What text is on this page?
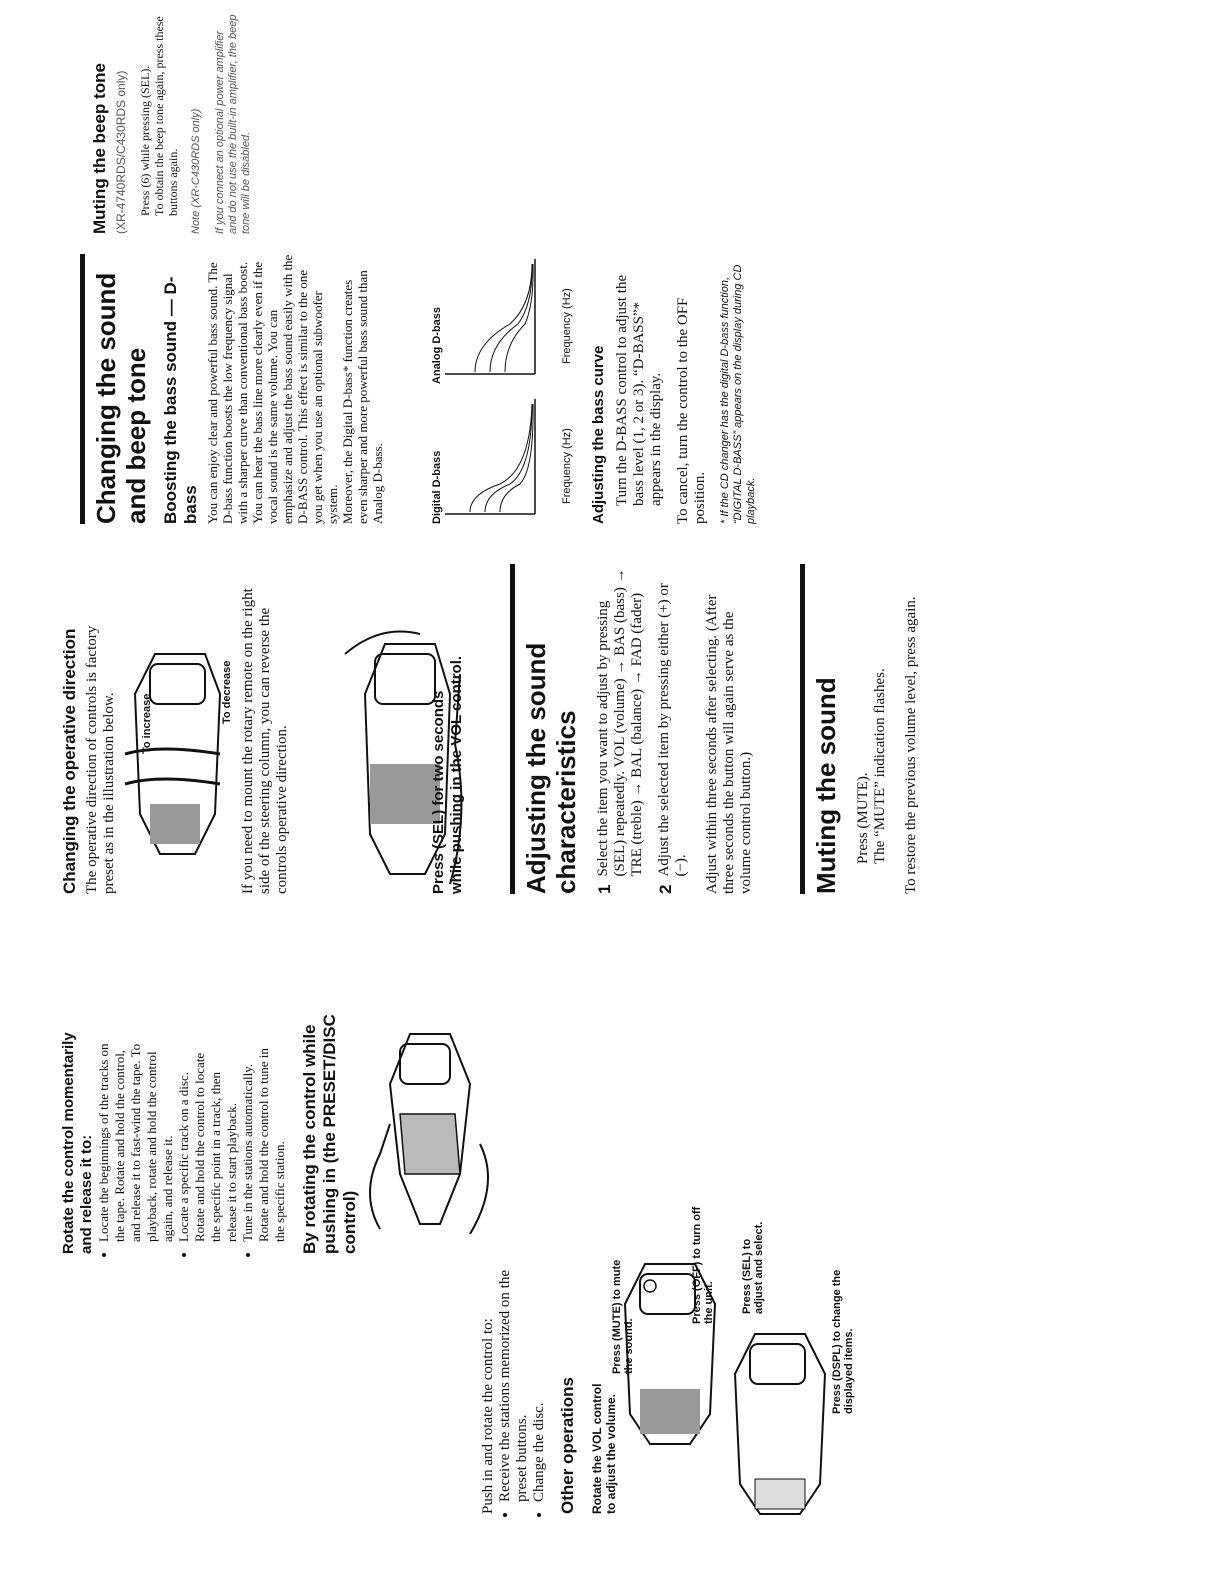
Rotate the control momentarily and release it to: • Locate the beginnings of the tracks on the tape. Rotate and hold the control, and release it to fast-wind the tape. To playback, rotate and hold the control again, and release it. • Locate a specific track on a disc. Rotate and hold the control to locate the specific point in a track, then release it to start playback. • Tune in the stations automatically. Rotate and hold the control to tune in the specific station. By rotating the control while pushing in (the PRESET/DISC control)

Push in and rotate the control to: • Receive the stations memorized on the preset buttons. • Change the disc. Other operations Rotate the VOL control to adjust the volume.

Press (MUTE) to mute the sound.

Press (OFF) to turn off the unit. Press (SEL) to adjust and select.

Press (DSPL) to change the displayed items.

Changing the operative direction The operative direction of controls is factory preset as in the illustration below. To increase	To decrease If you need to mount the rotary remote on the right side of the steering column, you can reverse the controls operative direction.	Press (SEL) for two seconds while pushing in the VOL control. Adjusting the sound characteristics 1

Select the item you want to adjust by pressing (SEL) repeatedly. VOL (volume) → BAS (bass) → TRE (treble) → BAL (balance) → FAD (fader)

2

Adjust the selected item by pressing either (+) or (−). Adjust within three seconds after selecting. (After three seconds the button will again serve as the volume control button.) Muting the sound Press (MUTE). The “MUTE” indication flashes. To restore the previous volume level, press again.

Changing the sound and beep tone Boosting the bass sound — D-bass You can enjoy clear and powerful bass sound. The D-bass function boosts the low frequency signal with a sharper curve than conventional bass boost. You can hear the bass line more clearly even if the vocal sound is the same volume. You can emphasize and adjust the bass sound easily with the D-BASS control. This effect is similar to the one you get when you use an optional subwoofer system. Moreover, the Digital D-bass* function creates even sharper and more powerful bass sound than Analog D-bass.	Digital D-bass

Analog D-bass

Frequency (Hz)

Frequency (Hz)

Adjusting the bass curve Turn the D-BASS control to adjust the bass level (1, 2 or 3). “D-BASS”* appears in the display. To cancel, turn the control to the OFF position. * If the CD changer has the digital D-bass function, “DIGITAL D-BASS” appears on the display during CD playback.

Muting the beep tone (XR-4740RDS/C430RDS only) Press (6) while pressing (SEL). To obtain the beep tone again, press these buttons again. Note (XR-C430RDS only) If you connect an optional power amplifier and do not use the built-in amplifier, the beep tone will be disabled.
